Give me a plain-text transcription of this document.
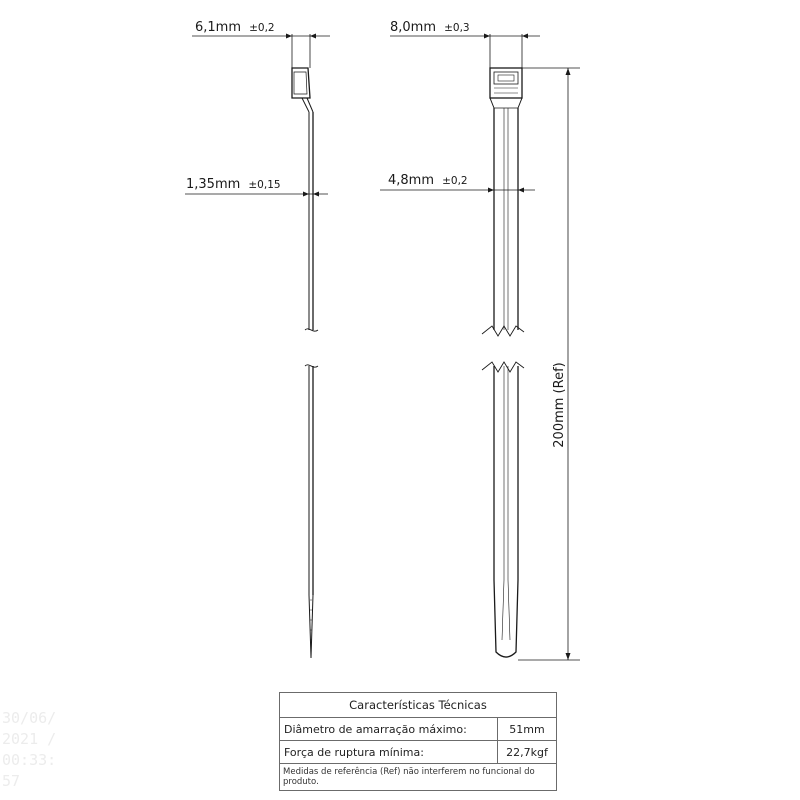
6,1mm ±0,2	8,0mm ±0,3
1,35mm ±0,15	4,8mm ±0,2
200mm (Ref)
30/06/
2021 /
00:33:
57
Características Técnicas	
Diâmetro de amarração máximo:	51mm
Força de ruptura mínima:	22,7kgf
Medidas de referência (Ref) não interferem no funcional do produto.	
